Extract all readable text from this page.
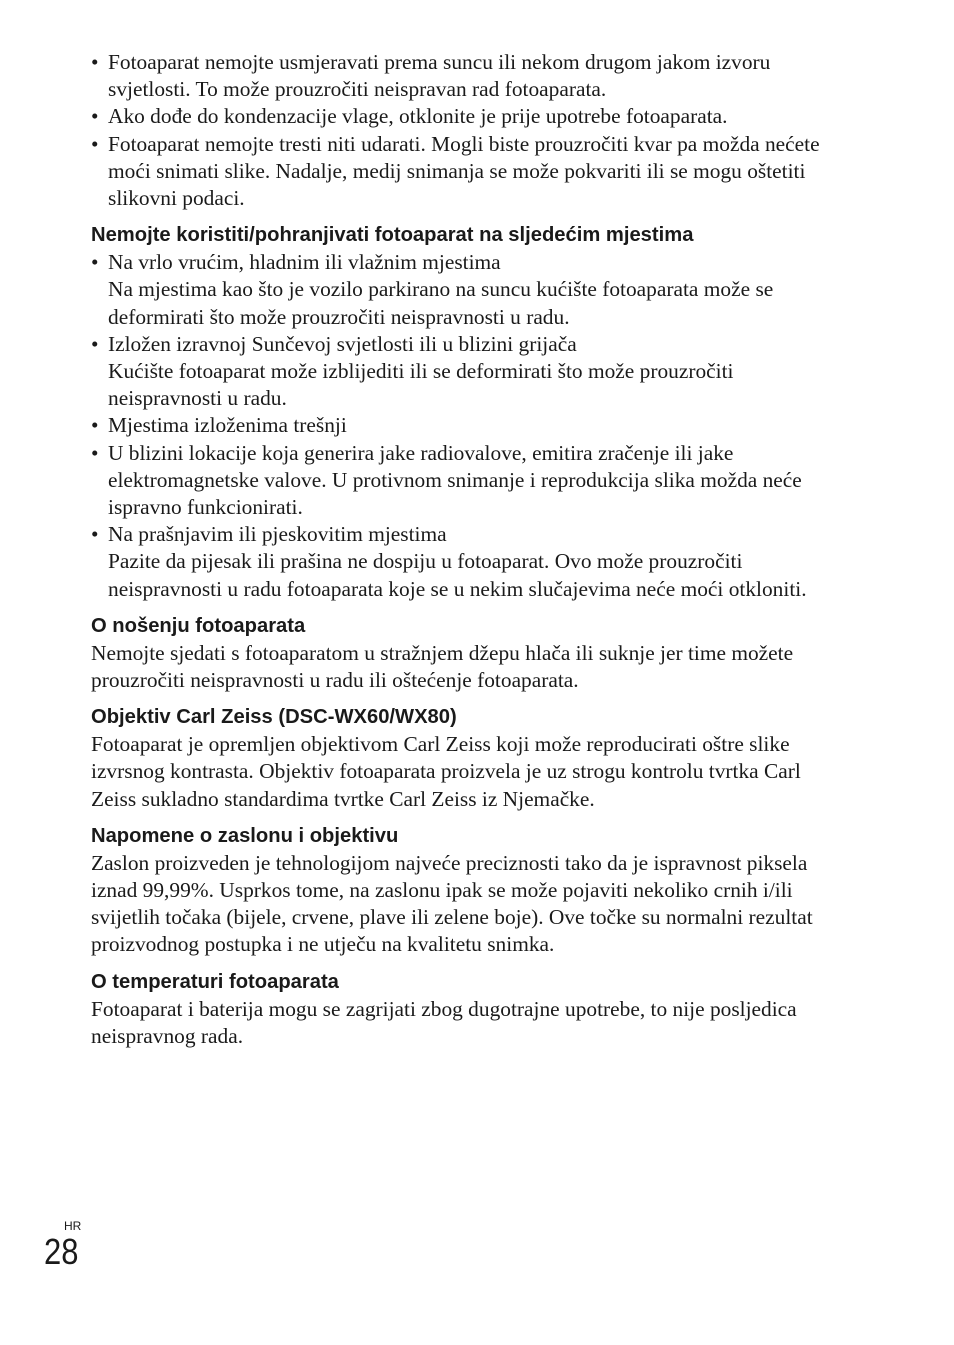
• Fotoaparat nemojte usmjeravati prema suncu ili nekom drugom jakom izvoru svjetlosti. To može prouzročiti neispravan rad fotoaparata.
• Ako dođe do kondenzacije vlage, otklonite je prije upotrebe fotoaparata.
• Fotoaparat nemojte tresti niti udarati. Mogli biste prouzročiti kvar pa možda nećete moći snimati slike. Nadalje, medij snimanja se može pokvariti ili se mogu oštetiti slikovni podaci.
Nemojte koristiti/pohranjivati fotoaparat na sljedećim mjestima
• Na vrlo vrućim, hladnim ili vlažnim mjestima
Na mjestima kao što je vozilo parkirano na suncu kućište fotoaparata može se deformirati što može prouzročiti neispravnosti u radu.
• Izložen izravnoj Sunčevoj svjetlosti ili u blizini grijača
Kućište fotoaparat može izblijediti ili se deformirati što može prouzročiti neispravnosti u radu.
• Mjestima izloženima trešnji
• U blizini lokacije koja generira jake radiovalove, emitira zračenje ili jake elektromagnetske valove. U protivnom snimanje i reprodukcija slika možda neće ispravno funkcionirati.
• Na prašnjavim ili pjeskovitim mjestima
Pazite da pijesak ili prašina ne dospiju u fotoaparat. Ovo može prouzročiti neispravnosti u radu fotoaparata koje se u nekim slučajevima neće moći otkloniti.
O nošenju fotoaparata

Nemojte sjedati s fotoaparatom u stražnjem džepu hlača ili suknje jer time možete prouzročiti neispravnosti u radu ili oštećenje fotoaparata.

Objektiv Carl Zeiss (DSC-WX60/WX80)

Fotoaparat je opremljen objektivom Carl Zeiss koji može reproducirati oštre slike izvrsnog kontrasta. Objektiv fotoaparata proizvela je uz strogu kontrolu tvrtka Carl Zeiss sukladno standardima tvrtke Carl Zeiss iz Njemačke.

Napomene o zaslonu i objektivu

Zaslon proizveden je tehnologijom najveće preciznosti tako da je ispravnost piksela iznad 99,99%. Usprkos tome, na zaslonu ipak se može pojaviti nekoliko crnih i/ili svijetlih točaka (bijele, crvene, plave ili zelene boje). Ove točke su normalni rezultat proizvodnog postupka i ne utječu na kvalitetu snimka.

O temperaturi fotoaparata

Fotoaparat i baterija mogu se zagrijati zbog dugotrajne upotrebe, to nije posljedica neispravnog rada.

HR
28
